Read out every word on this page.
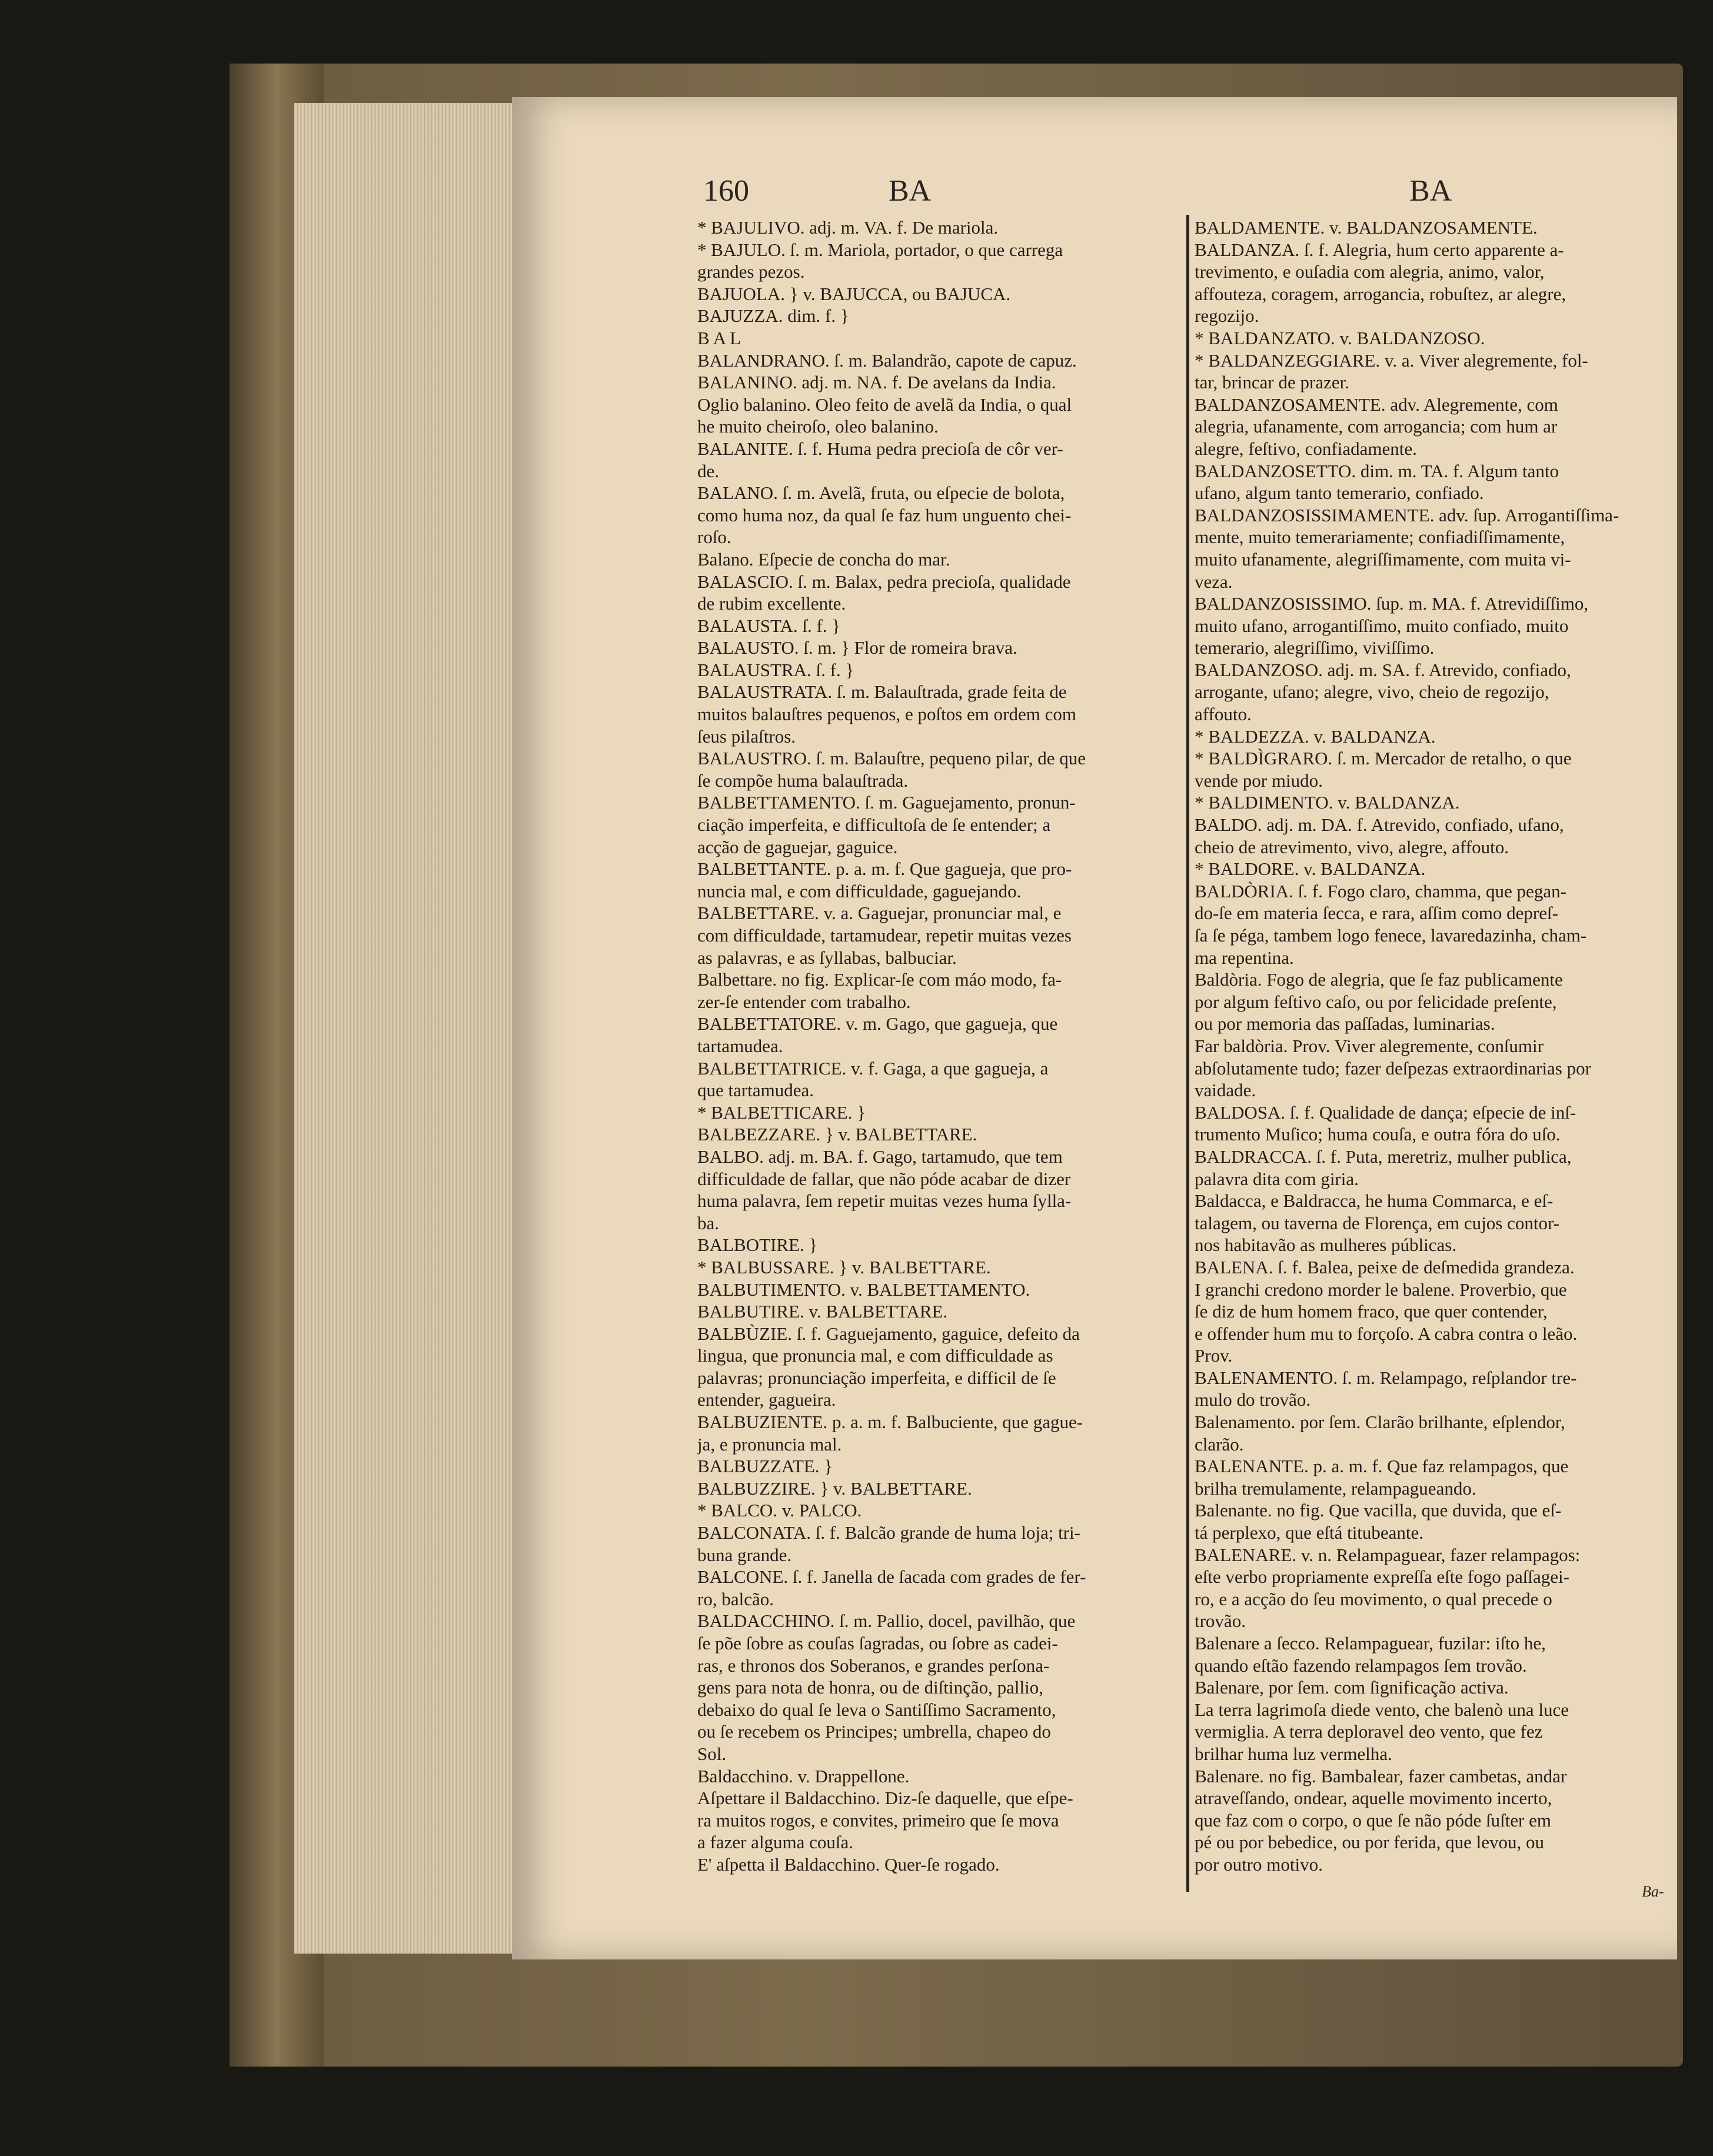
160	BA	BA

* BAJULIVO. adj. m. VA. f. De mariola.

* BAJULO. ſ. m. Mariola, portador, o que carrega

grandes pezos.

BAJUOLA. } v. BAJUCCA, ou BAJUCA.

BAJUZZA. dim. f. }

B A L

BALANDRANO. ſ. m. Balandrão, capote de capuz.

BALANINO. adj. m. NA. f. De avelans da India.

Oglio balanino. Oleo feito de avelã da India, o qual

he muito cheiroſo, oleo balanino.

BALANITE. ſ. f. Huma pedra precioſa de côr ver-

de.

BALANO. ſ. m. Avelã, fruta, ou eſpecie de bolota,

como huma noz, da qual ſe faz hum unguento chei-

roſo.

Balano. Eſpecie de concha do mar.

BALASCIO. ſ. m. Balax, pedra precioſa, qualidade

de rubim excellente.

BALAUSTA. ſ. f. }

BALAUSTO. ſ. m. } Flor de romeira brava.

BALAUSTRA. ſ. f. }

BALAUSTRATA. ſ. m. Balauſtrada, grade feita de

muitos balauſtres pequenos, e poſtos em ordem com

ſeus pilaſtros.

BALAUSTRO. ſ. m. Balauſtre, pequeno pilar, de que

ſe compõe huma balauſtrada.

BALBETTAMENTO. ſ. m. Gaguejamento, pronun-

ciação imperfeita, e difficultoſa de ſe entender; a

acção de gaguejar, gaguice.

BALBETTANTE. p. a. m. f. Que gagueja, que pro-

nuncia mal, e com difficuldade, gaguejando.

BALBETTARE. v. a. Gaguejar, pronunciar mal, e

com difficuldade, tartamudear, repetir muitas vezes

as palavras, e as ſyllabas, balbuciar.

Balbettare. no fig. Explicar-ſe com máo modo, fa-

zer-ſe entender com trabalho.

BALBETTATORE. v. m. Gago, que gagueja, que

tartamudea.

BALBETTATRICE. v. f. Gaga, a que gagueja, a

que tartamudea.

* BALBETTICARE. }

BALBEZZARE. } v. BALBETTARE.

BALBO. adj. m. BA. f. Gago, tartamudo, que tem

difficuldade de fallar, que não póde acabar de dizer

huma palavra, ſem repetir muitas vezes huma ſylla-

ba.

BALBOTIRE. }

* BALBUSSARE. } v. BALBETTARE.

BALBUTIMENTO. v. BALBETTAMENTO.

BALBUTIRE. v. BALBETTARE.

BALBÙZIE. ſ. f. Gaguejamento, gaguice, defeito da

lingua, que pronuncia mal, e com difficuldade as

palavras; pronunciação imperfeita, e difficil de ſe

entender, gagueira.

BALBUZIENTE. p. a. m. f. Balbuciente, que gague-

ja, e pronuncia mal.

BALBUZZATE. }

BALBUZZIRE. } v. BALBETTARE.

* BALCO. v. PALCO.

BALCONATA. ſ. f. Balcão grande de huma loja; tri-

buna grande.

BALCONE. ſ. f. Janella de ſacada com grades de fer-

ro, balcão.

BALDACCHINO. ſ. m. Pallio, docel, pavilhão, que

ſe põe ſobre as couſas ſagradas, ou ſobre as cadei-

ras, e thronos dos Soberanos, e grandes perſona-

gens para nota de honra, ou de diſtinção, pallio,

debaixo do qual ſe leva o Santiſſimo Sacramento,

ou ſe recebem os Principes; umbrella, chapeo do

Sol.

Baldacchino. v. Drappellone.

Aſpettare il Baldacchino. Diz-ſe daquelle, que eſpe-

ra muitos rogos, e convites, primeiro que ſe mova

a fazer alguma couſa.

E' aſpetta il Baldacchino. Quer-ſe rogado.

BALDAMENTE. v. BALDANZOSAMENTE.

BALDANZA. ſ. f. Alegria, hum certo apparente a-

trevimento, e ouſadia com alegria, animo, valor,

affouteza, coragem, arrogancia, robuſtez, ar alegre,

regozijo.

* BALDANZATO. v. BALDANZOSO.

* BALDANZEGGIARE. v. a. Viver alegremente, fol-

tar, brincar de prazer.

BALDANZOSAMENTE. adv. Alegremente, com

alegria, ufanamente, com arrogancia; com hum ar

alegre, feſtivo, confiadamente.

BALDANZOSETTO. dim. m. TA. f. Algum tanto

ufano, algum tanto temerario, confiado.

BALDANZOSISSIMAMENTE. adv. ſup. Arrogantiſſima-

mente, muito temerariamente; confiadiſſimamente,

muito ufanamente, alegriſſimamente, com muita vi-

veza.

BALDANZOSISSIMO. ſup. m. MA. f. Atrevidiſſimo,

muito ufano, arrogantiſſimo, muito confiado, muito

temerario, alegriſſimo, viviſſimo.

BALDANZOSO. adj. m. SA. f. Atrevido, confiado,

arrogante, ufano; alegre, vivo, cheio de regozijo,

affouto.

* BALDEZZA. v. BALDANZA.

* BALDÌGRARO. ſ. m. Mercador de retalho, o que

vende por miudo.

* BALDIMENTO. v. BALDANZA.

BALDO. adj. m. DA. f. Atrevido, confiado, ufano,

cheio de atrevimento, vivo, alegre, affouto.

* BALDORE. v. BALDANZA.

BALDÒRIA. ſ. f. Fogo claro, chamma, que pegan-

do-ſe em materia ſecca, e rara, aſſim como depreſ-

ſa ſe péga, tambem logo fenece, lavaredazinha, cham-

ma repentina.

Baldòria. Fogo de alegria, que ſe faz publicamente

por algum feſtivo caſo, ou por felicidade preſente,

ou por memoria das paſſadas, luminarias.

Far baldòria. Prov. Viver alegremente, conſumir

abſolutamente tudo; fazer deſpezas extraordinarias por

vaidade.

BALDOSA. ſ. f. Qualidade de dança; eſpecie de inſ-

trumento Muſico; huma couſa, e outra fóra do uſo.

BALDRACCA. ſ. f. Puta, meretriz, mulher publica,

palavra dita com giria.

Baldacca, e Baldracca, he huma Commarca, e eſ-

talagem, ou taverna de Florença, em cujos contor-

nos habitavão as mulheres públicas.

BALENA. ſ. f. Balea, peixe de deſmedida grandeza.

I granchi credono morder le balene. Proverbio, que

ſe diz de hum homem fraco, que quer contender,

e offender hum mu to forçoſo. A cabra contra o leão.

Prov.

BALENAMENTO. ſ. m. Relampago, reſplandor tre-

mulo do trovão.

Balenamento. por ſem. Clarão brilhante, eſplendor,

clarão.

BALENANTE. p. a. m. f. Que faz relampagos, que

brilha tremulamente, relampagueando.

Balenante. no fig. Que vacilla, que duvida, que eſ-

tá perplexo, que eſtá titubeante.

BALENARE. v. n. Relampaguear, fazer relampagos:

eſte verbo propriamente expreſſa eſte fogo paſſagei-

ro, e a acção do ſeu movimento, o qual precede o

trovão.

Balenare a ſecco. Relampaguear, fuzilar: iſto he,

quando eſtão fazendo relampagos ſem trovão.

Balenare, por ſem. com ſignificação activa.

La terra lagrimoſa diede vento, che balenò una luce

vermiglia. A terra deploravel deo vento, que fez

brilhar huma luz vermelha.

Balenare. no fig. Bambalear, fazer cambetas, andar

atraveſſando, ondear, aquelle movimento incerto,

que faz com o corpo, o que ſe não póde ſuſter em

pé ou por bebedice, ou por ferida, que levou, ou

por outro motivo.

Ba-
